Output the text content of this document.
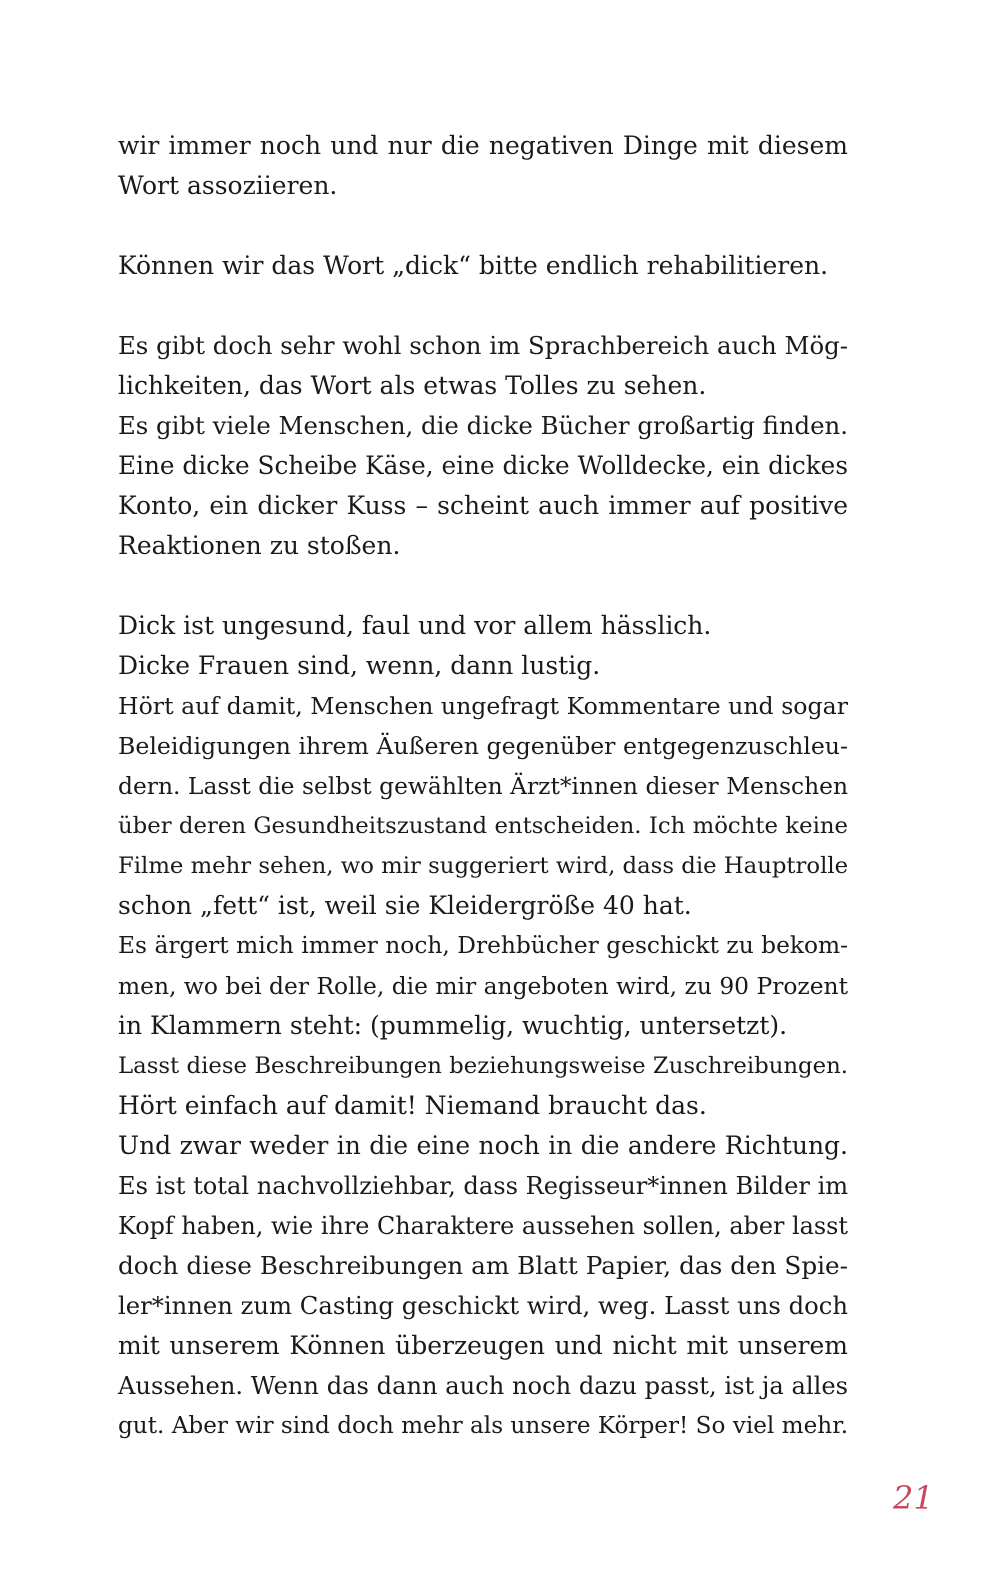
wir immer noch und nur die negativen Dinge mit diesem
Wort assoziieren.
Können wir das Wort „dick“ bitte endlich rehabilitieren.
Es gibt doch sehr wohl schon im Sprachbereich auch Mög-
lichkeiten, das Wort als etwas Tolles zu sehen.
Es gibt viele Menschen, die dicke Bücher großartig finden.
Eine dicke Scheibe Käse, eine dicke Wolldecke, ein dickes
Konto, ein dicker Kuss – scheint auch immer auf positive
Reaktionen zu stoßen.
Dick ist ungesund, faul und vor allem hässlich.
Dicke Frauen sind, wenn, dann lustig.
Hört auf damit, Menschen ungefragt Kommentare und sogar
Beleidigungen ihrem Äußeren gegenüber entgegenzuschleu-
dern. Lasst die selbst gewählten Ärzt*innen dieser Menschen
über deren Gesundheitszustand entscheiden. Ich möchte keine
Filme mehr sehen, wo mir suggeriert wird, dass die Hauptrolle
schon „fett“ ist, weil sie Kleidergröße 40 hat.
Es ärgert mich immer noch, Drehbücher geschickt zu bekom-
men, wo bei der Rolle, die mir angeboten wird, zu 90 Prozent
in Klammern steht: (pummelig, wuchtig, untersetzt).
Lasst diese Beschreibungen beziehungsweise Zuschreibungen.
Hört einfach auf damit! Niemand braucht das.
Und zwar weder in die eine noch in die andere Richtung.
Es ist total nachvollziehbar, dass Regisseur*innen Bilder im
Kopf haben, wie ihre Charaktere aussehen sollen, aber lasst
doch diese Beschreibungen am Blatt Papier, das den Spie-
ler*innen zum Casting geschickt wird, weg. Lasst uns doch
mit unserem Können überzeugen und nicht mit unserem
Aussehen. Wenn das dann auch noch dazu passt, ist ja alles
gut. Aber wir sind doch mehr als unsere Körper! So viel mehr.
21
